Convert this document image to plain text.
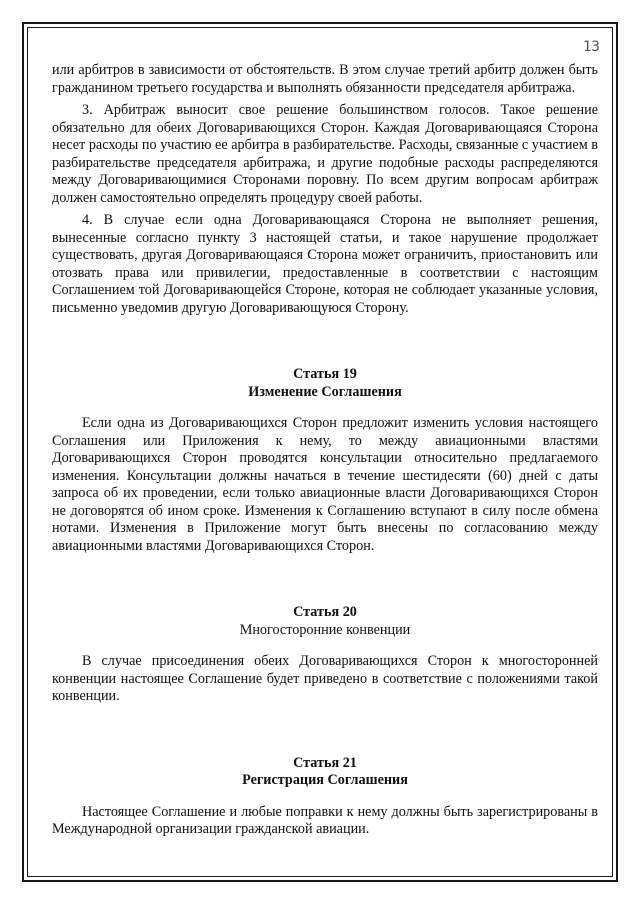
13

или арбитров в зависимости от обстоятельств. В этом случае третий арбитр должен быть гражданином третьего государства и выполнять обязанности председателя арбитража.

3. Арбитраж выносит свое решение большинством голосов. Такое решение обязательно для обеих Договаривающихся Сторон. Каждая Договаривающаяся Сторона несет расходы по участию ее арбитра в разбирательстве. Расходы, связанные с участием в разбирательстве председателя арбитража, и другие подобные расходы распределяются между Договаривающимися Сторонами поровну. По всем другим вопросам арбитраж должен самостоятельно определять процедуру своей работы.

4. В случае если одна Договаривающаяся Сторона не выполняет решения, вынесенные согласно пункту 3 настоящей статьи, и такое нарушение продолжает существовать, другая Договаривающаяся Сторона может ограничить, приостановить или отозвать права или привилегии, предоставленные в соответствии с настоящим Соглашением той Договаривающейся Стороне, которая не соблюдает указанные условия, письменно уведомив другую Договаривающуюся Сторону.

Статья 19
Изменение Соглашения

Если одна из Договаривающихся Сторон предложит изменить условия настоящего Соглашения или Приложения к нему, то между авиационными властями Договаривающихся Сторон проводятся консультации относительно предлагаемого изменения. Консультации должны начаться в течение шестидесяти (60) дней с даты запроса об их проведении, если только авиационные власти Договаривающихся Сторон не договорятся об ином сроке. Изменения к Соглашению вступают в силу после обмена нотами. Изменения в Приложение могут быть внесены по согласованию между авиационными властями Договаривающихся Сторон.

Статья 20
Многосторонние конвенции

В случае присоединения обеих Договаривающихся Сторон к многосторонней конвенции настоящее Соглашение будет приведено в соответствие с положениями такой конвенции.

Статья 21
Регистрация Соглашения

Настоящее Соглашение и любые поправки к нему должны быть зарегистрированы в Международной организации гражданской авиации.
